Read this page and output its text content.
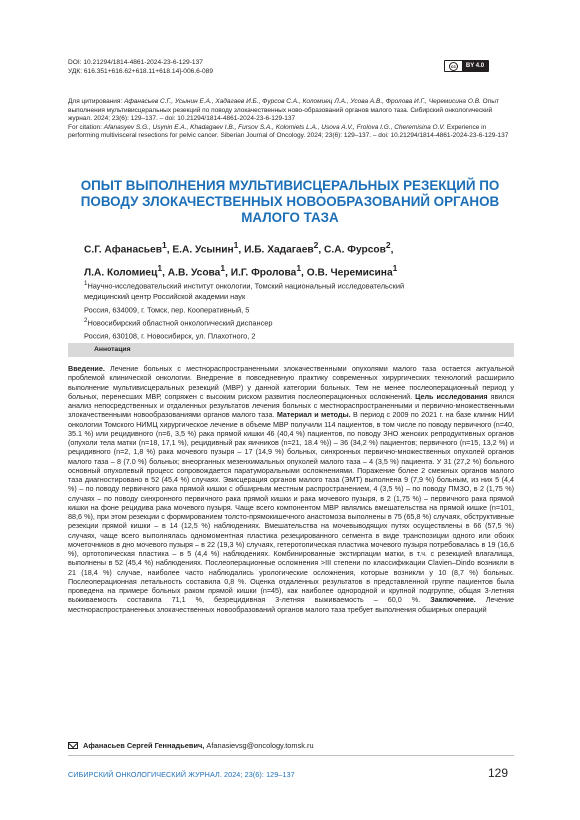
DOI: 10.21294/1814-4861-2024-23-6-129-137
УДК: 616.351+616.62+618.11+618.14]-006.6-089
cc	BY 4.0

Для цитирования: Афанасьев С.Г., Усынин Е.А., Хадагаев И.Б., Фурсов С.А., Коломиец Л.А., Усова А.В., Фролова И.Г., Черемисина О.В. Опыт выполнения мультивисцеральных резекций по поводу злокачественных ново-образований органов малого таза. Сибирский онкологический журнал. 2024; 23(6): 129–137. – doi: 10.21294/1814-4861-2024-23-6-129-137

For citation: Afanasyev S.G., Usynin E.A., Khadagaev I.B., Fursov S.A., Kolomiets L.A., Usova A.V., Frolova I.G., Cheremisina O.V. Experience in performing multivisceral resections for pelvic cancer. Siberian Journal of Oncology. 2024; 23(6): 129–137. – doi: 10.21294/1814-4861-2024-23-6-129-137

ОПЫТ ВЫПОЛНЕНИЯ МУЛЬТИВИСЦЕРАЛЬНЫХ РЕЗЕКЦИЙ ПО ПОВОДУ ЗЛОКАЧЕСТВЕННЫХ НОВООБРАЗОВАНИЙ ОРГАНОВ МАЛОГО ТАЗА
С.Г. Афанасьев$^1$, Е.А. Усынин$^1$, И.Б. Хадагаев$^2$, С.А. Фурсов$^2$,
Л.А. Коломиец$^1$, А.В. Усова$^1$, И.Г. Фролова$^1$, О.В. Черемисина$^1$
$^1$Научно-исследовательский институт онкологии, Томский национальный исследовательский медицинский центр Российской академии наук
Россия, 634009, г. Томск, пер. Кооперативный, 5
$^2$Новосибирский областной онкологический диспансер
Россия, 630108, г. Новосибирск, ул. Плахотного, 2
Аннотация
Введение. Лечение больных с местнораспространенными злокачественными опухолями малого таза остается актуальной проблемой клинической онкологии. Внедрение в повседневную практику современных хирургических технологий расширило выполнение мультивисцеральных резекций (МВР) у данной категории больных. Тем не менее послеоперационный период у больных, перенесших МВР, сопряжен с высоким риском развития послеоперационных осложнений. Цель исследования явился анализ непосредственных и отдаленных результатов лечения больных с местнораспространенными и первично-множественными злокачественными новообразованиями органов малого таза. Материал и методы. В период с 2009 по 2021 г. на базе клиник НИИ онкологии Томского НИМЦ хирургическое лечение в объеме МВР получили 114 пациентов, в том числе по поводу первичного (n=40, 35.1 %) или рецидивного (n=6, 3,5 %) рака прямой кишки 46 (40,4 %) пациентов, по поводу ЗНО женских репродуктивных органов (опухоли тела матки (n=18, 17,1 %), рецидивный рак яичников (n=21, 18.4 %)) – 36 (34,2 %) пациентов; первичного (n=15, 13,2 %) и рецидивного (n=2, 1,8 %) рака мочевого пузыря – 17 (14,9 %) больных, синхронных первично-множественных опухолей органов малого таза – 8 (7.0 %) больных; внеорганных мезенхимальных опухолей малого таза – 4 (3,5 %) пациента. У 31 (27,2 %) больного основный опухолевый процесс сопровождается паратуморальными осложнениями. Поражение более 2 смежных органов малого таза диагностировано в 52 (45,4 %) случаях. Эвисцерация органов малого таза (ЭМТ) выполнена 9 (7,9 %) больным, из них 5 (4,4 %) – по поводу первичного рака прямой кишки с обширным местным распространением, 4 (3,5 %) – по поводу ПМЗО, в 2 (1,75 %) случаях – по поводу синхронного первичного рака прямой кишки и рака мочевого пузыря, в 2 (1,75 %) – первичного рака прямой кишки на фоне рецидива рака мочевого пузыря. Чаще всего компонентом МВР являлись вмешательства на прямой кишке (n=101, 88,6 %), при этом резекции с формированием толсто-прямокишечного анастомоза выполнены в 75 (65,8 %) случаях, обструктивные резекции прямой кишки – в 14 (12,5 %) наблюдениях. Вмешательства на мочевыводящих путях осуществлены в 66 (57,5 %) случаях, чаще всего выполнялась одномоментная пластика резецированного сегмента в виде транспозиции одного или обоих мочеточников в дно мочевого пузыря – в 22 (19,3 %) случаях, гетеротопическая пластика мочевого пузыря потребовалась в 19 (16,6 %), ортотопическая пластика – в 5 (4,4 %) наблюдениях. Комбинированные экстирпации матки, в т.ч. с резекцией влагалища, выполнены в 52 (45,4 %) наблюдениях. Послеоперационные осложнения >III степени по классификации Clavien–Dindo возникли в 21 (18,4 %) случае, наиболее часто наблюдались урологические осложнения, которые возникли у 10 (8,7 %) больных. Послеоперационная летальность составила 0,8 %. Оценка отдаленных результатов в представленной группе пациентов была проведена на примере больных раком прямой кишки (n=45), как наиболее однородной и крупной подгруппе, общая 3-летняя выживаемость составила 71,1 %, безрецидивная 3-летняя выживаемость – 60,0 %. Заключение. Лечение местнораспространенных злокачественных новообразований органов малого таза требует выполнения обширных операций
Афанасьев Сергей Геннадьевич, Afanasievsg@oncology.tomsk.ru
СИБИРСКИЙ ОНКОЛОГИЧЕСКИЙ ЖУРНАЛ. 2024; 23(6): 129–137	129
